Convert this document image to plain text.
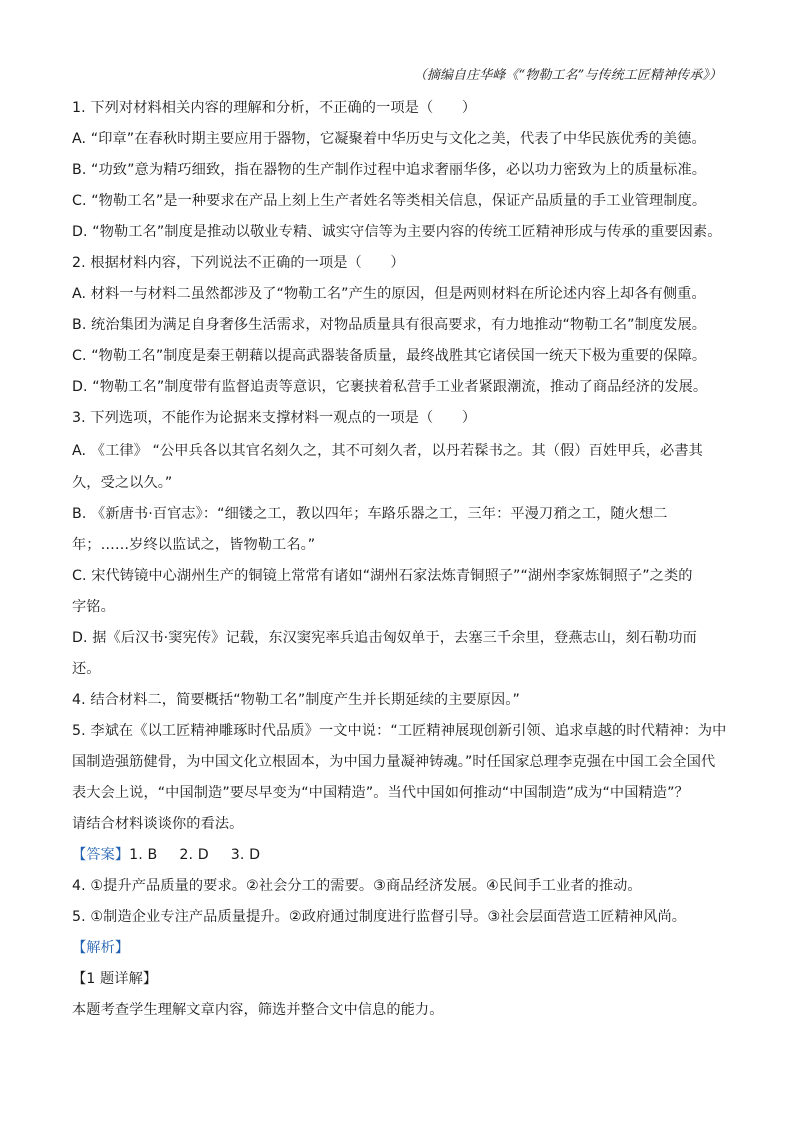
（摘编自庄华峰《“物勒工名”与传统工匠精神传承》）
1. 下列对材料相关内容的理解和分析，不正确的一项是（　　）
A. “印章”在春秋时期主要应用于器物，它凝聚着中华历史与文化之美，代表了中华民族优秀的美德。
B. “功致”意为精巧细致，指在器物的生产制作过程中追求奢丽华侈，必以功力密致为上的质量标准。
C. “物勒工名”是一种要求在产品上刻上生产者姓名等类相关信息，保证产品质量的手工业管理制度。
D. “物勒工名”制度是推动以敬业专精、诚实守信等为主要内容的传统工匠精神形成与传承的重要因素。
2. 根据材料内容，下列说法不正确的一项是（　　）
A. 材料一与材料二虽然都涉及了“物勒工名”产生的原因，但是两则材料在所论述内容上却各有侧重。
B. 统治集团为满足自身奢侈生活需求，对物品质量具有很高要求，有力地推动“物勒工名”制度发展。
C. “物勒工名”制度是秦王朝藉以提高武器装备质量，最终战胜其它诸侯国一统天下极为重要的保障。
D. “物勒工名”制度带有监督追责等意识，它裹挟着私营手工业者紧跟潮流，推动了商品经济的发展。
3. 下列选项，不能作为论据来支撑材料一观点的一项是（　　）
A. 《工律》 “公甲兵各以其官名刻久之，其不可刻久者，以丹若髹书之。其（假）百姓甲兵，必書其
久，受之以久。”
B. 《新唐书·百官志》：“细镂之工，教以四年；车路乐器之工，三年：平漫刀矟之工，随火想二
年；……岁终以监试之，皆物勒工名。”
C. 宋代铸镜中心湖州生产的铜镜上常常有诸如“湖州石家法炼青铜照子”“湖州李家炼铜照子”之类的
字铭。
D. 据《后汉书·窦宪传》记载，东汉窦宪率兵追击匈奴单于，去塞三千余里，登燕志山，刻石勒功而
还。
4. 结合材料二，简要概括“物勒工名”制度产生并长期延续的主要原因。”
5. 李斌在《以工匠精神雕琢时代品质》一文中说：“工匠精神展现创新引领、追求卓越的时代精神：为中
国制造强筋健骨，为中国文化立根固本，为中国力量凝神铸魂。”时任国家总理李克强在中国工会全国代
表大会上说，“中国制造”要尽早变为“中国精造”。当代中国如何推动“中国制造”成为“中国精造”？
请结合材料谈谈你的看法。
【答案】1. B 2. D 3. D
4. ①提升产品质量的要求。②社会分工的需要。③商品经济发展。④民间手工业者的推动。
5. ①制造企业专注产品质量提升。②政府通过制度进行监督引导。③社会层面营造工匠精神风尚。
【解析】
【1 题详解】
本题考查学生理解文章内容，筛选并整合文中信息的能力。
